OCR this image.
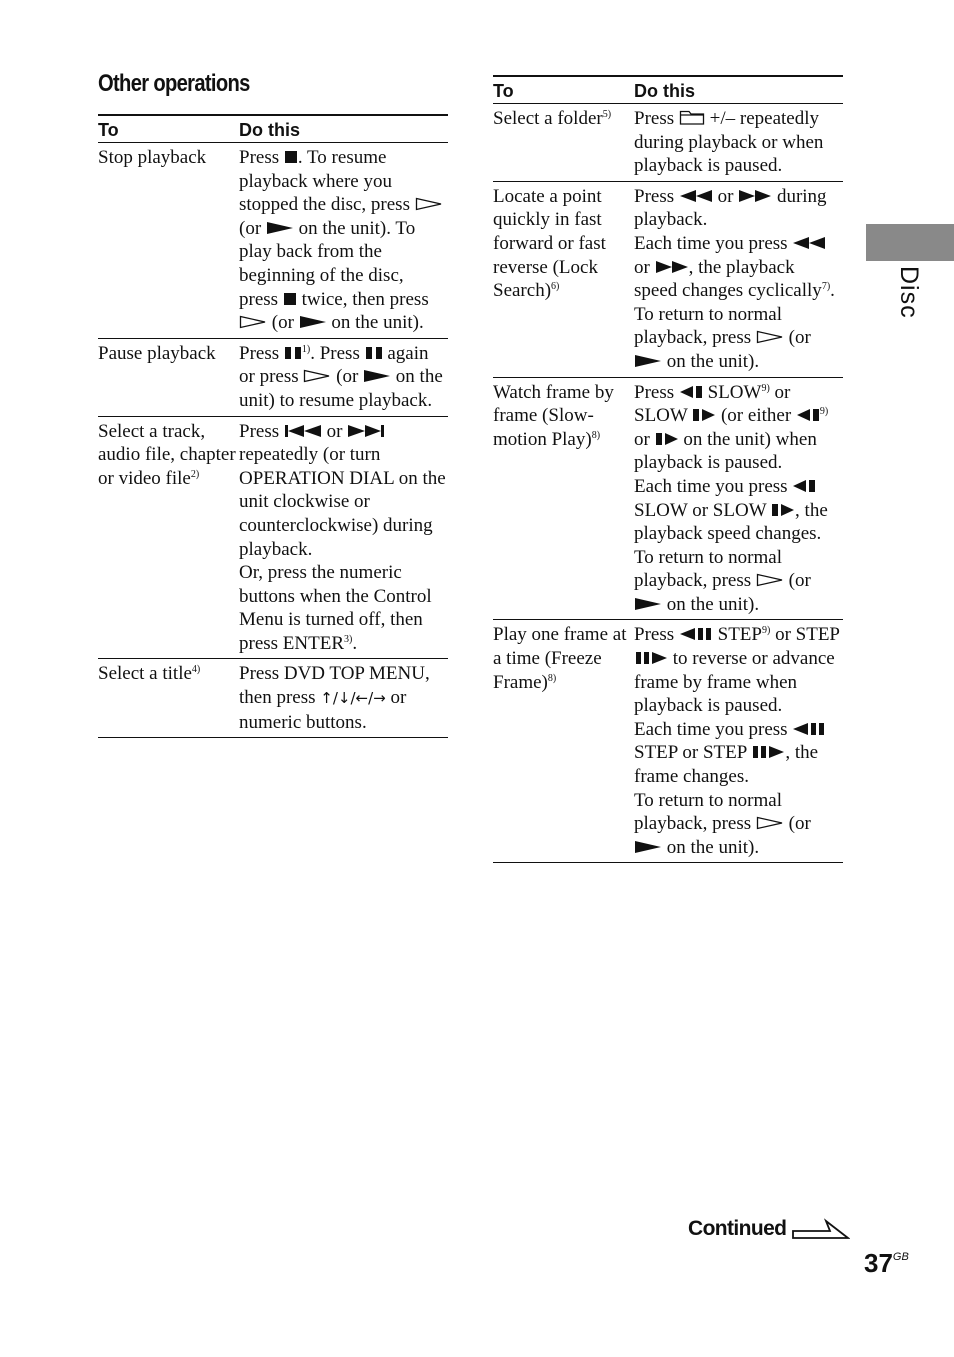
Other operations
To	Do this
Stop playback	Press . To resume playback where you stopped the disc, press  (or  on the unit). To play back from the beginning of the disc, press  twice, then press  (or  on the unit).
Pause playback	Press $^{1)}$. Press  again or press  (or  on the unit) to resume playback.
Select a track, audio file, chapter or video file$^{2)}$	Press  or  repeatedly (or turn OPERATION DIAL on the unit clockwise or counterclockwise) during playback.
Or, press the numeric buttons when the Control Menu is turned off, then press ENTER$^{3)}$.
Select a title$^{4)}$	Press DVD TOP MENU, then press ↑/↓/←/→ or numeric buttons.
To	Do this
Select a folder$^{5)}$	Press  +/– repeatedly during playback or when playback is paused.
Locate a point quickly in fast forward or fast reverse (Lock Search)$^{6)}$	Press  or  during playback.
Each time you press  or , the playback speed changes cyclically$^{7)}$.
To return to normal playback, press  (or  on the unit).
Watch frame by frame (Slow-motion Play)$^{8)}$	Press  SLOW$^{9)}$ or SLOW  (or either $^{9)}$ or  on the unit) when playback is paused.
Each time you press  SLOW or SLOW , the playback speed changes.
To return to normal playback, press  (or  on the unit).
Play one frame at a time (Freeze Frame)$^{8)}$	Press  STEP$^{9)}$ or STEP  to reverse or advance frame by frame when playback is paused.
Each time you press  STEP or STEP , the frame changes.
To return to normal playback, press  (or  on the unit).
Disc
Continued
$37^{GB}$
